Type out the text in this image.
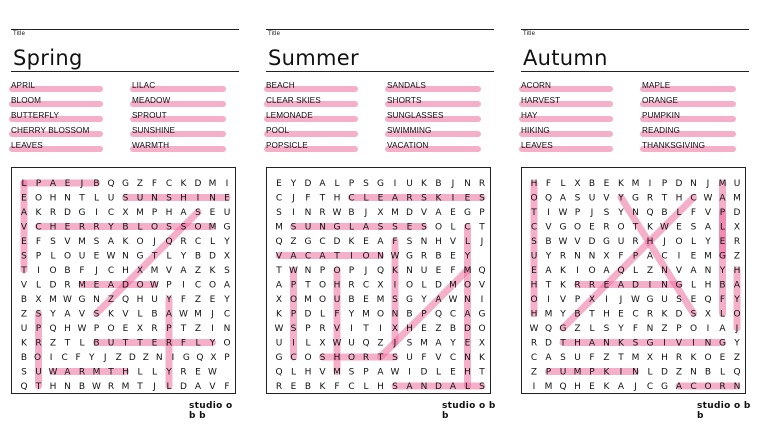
Title
Spring
APRIL
BLOOM
BUTTERFLY
CHERRY BLOSSOM
LEAVES
LILAC
MEADOW
SPROUT
SUNSHINE
WARMTH
LPAEJBQGZFCKDMI
EOHNTLUSUNSHINE
AKRDGICXMPHASEU
VCHERRYBLOSSOMG
EFSVMSAKOJQRCLY
SPLOUEWNGTLYBDX
TIOBFJCHXMVAZKS
VLDRMEADOWPICOA
BXMWGNZQHUYFZEY
ZSYAVSKVLBAWMJC
UPQHWPOEXRPTZIN
KRZTLBUTTERFLYO
BOICFYJZDZNIGQXP
SUWARMTHLLYREW
QTHNBWRMTJLDAVF
studio o b b
Title
Summer
BEACH
CLEAR SKIES
LEMONADE
POOL
POPSICLE
SANDALS
SHORTS
SUNGLASSES
SWIMMING
VACATION
EYDALPSGIUKBJNR
CJFTHCLEARSKIES
SINRWBJXMDVAEGP
MSUNGLASSESOLCT
QZGCDKEAFSNHVLJ
VACATIONWGRBEY
TWNPOPJQKNUEFMQ
APTOHRCXIOLDMOV
XOMOUBEMSGYAWNI
KPDLFYMONBPQCAG
WSPRVITIXHEZBDO
UILXWUQZJSMAYEX
GCOSHORTSUFVCNK
QLHVMSPAWIDLEHT
REBKFCLHSANDALS
studio o b b
Title
Autumn
ACORN
HARVEST
HAY
HIKING
LEAVES
MAPLE
ORANGE
PUMPKIN
READING
THANKSGIVING
HFLXBEKMIPDNJMU
OQASUVYGRTHCWAM
TIWPJSYNQBLFVPD
CVGOEROTKWESALX
SBWVDGURHJOLYER
UYRNNXFPACIEMGZ
EAKIOAQLZNVANYH
HTKRREADINGLHBA
OIVPXIJWGUSEQFY
HMYBTHECRKDSXLO
WQGZLSYFNZPOIAJ
RDTHANKSGIVINGY
CASUFZTMXHRKOEZ
ZPUMPKINLDZNBLQ
IMQHEKAJCGACORN
studio o b b
